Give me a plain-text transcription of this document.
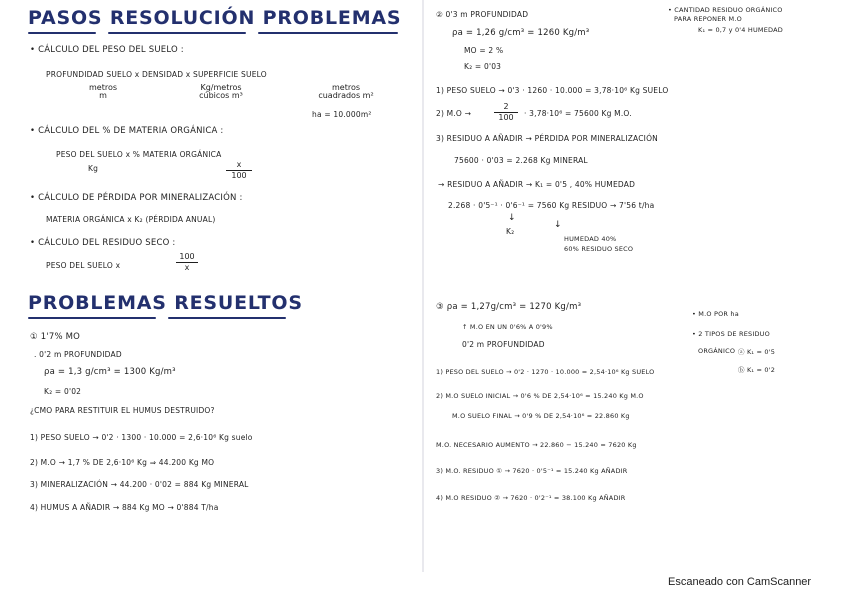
PASOS RESOLUCIÓN PROBLEMAS

• CÁLCULO DEL PESO DEL SUELO :

PROFUNDIDAD SUELO x DENSIDAD x SUPERFICIE SUELO

metros
m
Kg/metros
cúbicos m³
metros
cuadrados m²

ha = 10.000m²

• CÁLCULO DEL % DE MATERIA ORGÁNICA :

PESO DEL SUELO x % MATERIA ORGÁNICA

Kg	x
100

• CÁLCULO DE PÉRDIDA POR MINERALIZACIÓN :

MATERIA ORGÁNICA x K₂ (PÉRDIDA ANUAL)

• CÁLCULO DEL RESIDUO SECO :

PESO DEL SUELO x

100
x
PROBLEMAS RESUELTOS

① 1'7% MO

. 0'2 m PROFUNDIDAD

ρa = 1,3 g/cm³ = 1300 Kg/m³

K₂ = 0'02

¿CMO PARA RESTITUIR EL HUMUS DESTRUIDO?

1) PESO SUELO → 0'2 · 1300 · 10.000 = 2,6·10⁶ Kg suelo

2) M.O → 1,7 % DE 2,6·10⁶ Kg ⇒ 44.200 Kg MO

3) MINERALIZACIÓN → 44.200 · 0'02 = 884 Kg MINERAL

4) HUMUS A AÑADIR → 884 Kg MO → 0'884 T/ha

② 0'3 m PROFUNDIDAD

ρa = 1,26 g/cm³ = 1260 Kg/m³

MO = 2 %

K₂ = 0'03

• CANTIDAD RESIDUO ORGÁNICO

PARA REPONER M.O

K₁ = 0,7 y 0'4 HUMEDAD

1) PESO SUELO → 0'3 · 1260 · 10.000 = 3,78·10⁶ Kg SUELO

2) M.O →

2
100 · 3,78·10⁶ = 75600 Kg M.O.

3) RESIDUO A AÑADIR → PÉRDIDA POR MINERALIZACIÓN

75600 · 0'03 = 2.268 Kg MINERAL

→ RESIDUO A AÑADIR → K₁ = 0'5 , 40% HUMEDAD

2.268 · 0'5⁻¹ · 0'6⁻¹ = 7560 Kg RESIDUO → 7'56 t/ha

↓
↓

K₂

HUMEDAD 40%

60% RESIDUO SECO

③ ρa = 1,27g/cm³ = 1270 Kg/m³

↑ M.O EN UN 0'6% A 0'9%

0'2 m PROFUNDIDAD

• M.O POR ha

• 2 TIPOS DE RESIDUO

ORGÁNICO ⓐ K₁ = 0'5

ⓑ K₁ = 0'2

1) PESO DEL SUELO → 0'2 · 1270 · 10.000 = 2,54·10⁶ Kg SUELO

2) M.O SUELO INICIAL → 0'6 % DE 2,54·10⁶ = 15.240 Kg M.O

M.O SUELO FINAL → 0'9 % DE 2,54·10⁶ = 22.860 Kg

M.O. NECESARIO AUMENTO → 22.860 − 15.240 = 7620 Kg

3) M.O. RESIDUO ① → 7620 · 0'5⁻¹ = 15.240 Kg AÑADIR

4) M.O RESIDUO ② → 7620 · 0'2⁻¹ = 38.100 Kg AÑADIR

Escaneado con CamScanner
